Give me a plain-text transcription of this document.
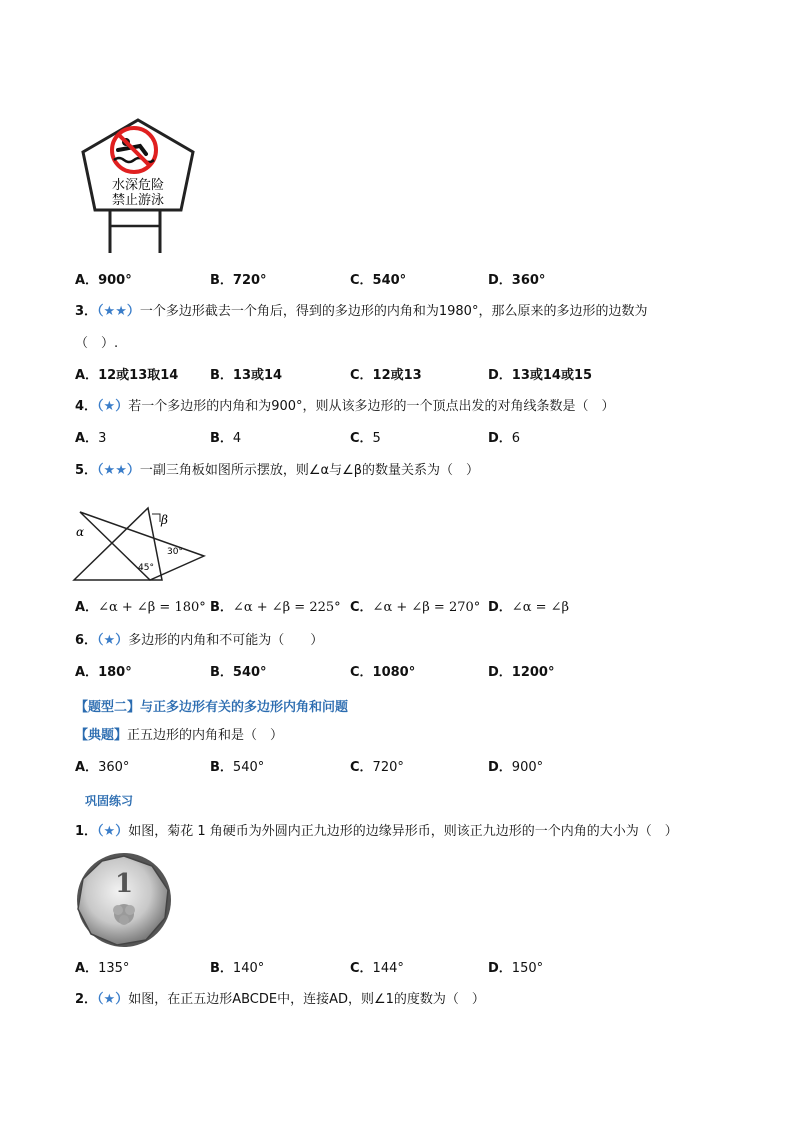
水深危险
禁止游泳
A．900°	B．720°	C．540°	D．360°
3．（★★）一个多边形截去一个角后，得到的多边形的内角和为1980°，那么原来的多边形的边数为
（　）.
A．12或13取14 B．13或14	C．12或13	D．13或14或15
4．（★）若一个多边形的内角和为900°，则从该多边形的一个顶点出发的对角线条数是（　）
A．3	B．4	C．5	D．6
5．（★★）一副三角板如图所示摆放，则∠α与∠β的数量关系为（　）
α
β
30°
45°
A．∠α + ∠β = 180° B．∠α + ∠β = 225° C．∠α + ∠β = 270° D．∠α = ∠β
6．（★）多边形的内角和不可能为（　　）
A．180°	B．540°	C．1080°	D．1200°
【题型二】与正多边形有关的多边形内角和问题
【典题】正五边形的内角和是（　）
A．360°	B．540°	C．720°	D．900°
巩固练习
1．（★）如图，菊花 1 角硬币为外圆内正九边形的边缘异形币，则该正九边形的一个内角的大小为（　）
1
A．135°	B．140°	C．144°	D．150°
2．（★）如图，在正五边形ABCDE中，连接AD，则∠1的度数为（　）
